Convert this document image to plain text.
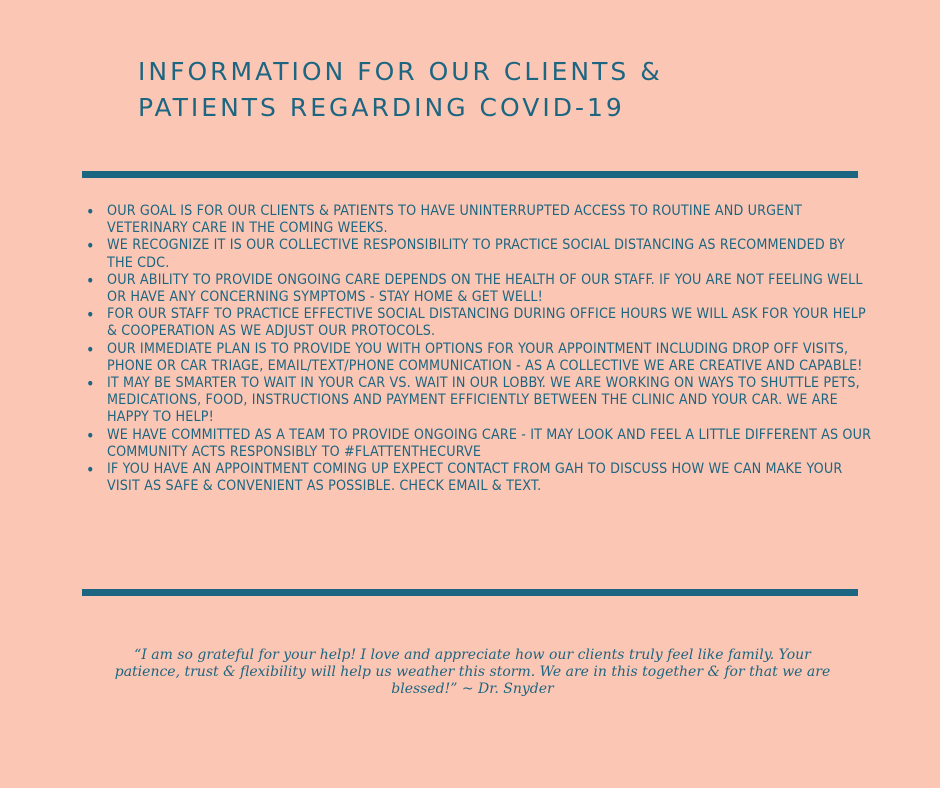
INFORMATION FOR OUR CLIENTS &
PATIENTS REGARDING COVID-19
• OUR GOAL IS FOR OUR CLIENTS & PATIENTS TO HAVE UNINTERRUPTED ACCESS TO ROUTINE AND URGENT VETERINARY CARE IN THE COMING WEEKS.
• WE RECOGNIZE IT IS OUR COLLECTIVE RESPONSIBILITY TO PRACTICE SOCIAL DISTANCING AS RECOMMENDED BY THE CDC.
• OUR ABILITY TO PROVIDE ONGOING CARE DEPENDS ON THE HEALTH OF OUR STAFF. IF YOU ARE NOT FEELING WELL OR HAVE ANY CONCERNING SYMPTOMS - STAY HOME & GET WELL!
• FOR OUR STAFF TO PRACTICE EFFECTIVE SOCIAL DISTANCING DURING OFFICE HOURS WE WILL ASK FOR YOUR HELP & COOPERATION AS WE ADJUST OUR PROTOCOLS.
• OUR IMMEDIATE PLAN IS TO PROVIDE YOU WITH OPTIONS FOR YOUR APPOINTMENT INCLUDING DROP OFF VISITS, PHONE OR CAR TRIAGE, EMAIL/TEXT/PHONE COMMUNICATION - AS A COLLECTIVE WE ARE CREATIVE AND CAPABLE!
• IT MAY BE SMARTER TO WAIT IN YOUR CAR VS. WAIT IN OUR LOBBY. WE ARE WORKING ON WAYS TO SHUTTLE PETS, MEDICATIONS, FOOD, INSTRUCTIONS AND PAYMENT EFFICIENTLY BETWEEN THE CLINIC AND YOUR CAR. WE ARE HAPPY TO HELP!
• WE HAVE COMMITTED AS A TEAM TO PROVIDE ONGOING CARE - IT MAY LOOK AND FEEL A LITTLE DIFFERENT AS OUR COMMUNITY ACTS RESPONSIBLY TO #FLATTENTHECURVE
• IF YOU HAVE AN APPOINTMENT COMING UP EXPECT CONTACT FROM GAH TO DISCUSS HOW WE CAN MAKE YOUR VISIT AS SAFE & CONVENIENT AS POSSIBLE. CHECK EMAIL & TEXT.
“I am so grateful for your help! I love and appreciate how our clients truly feel like family. Your patience, trust & flexibility will help us weather this storm. We are in this together & for that we are blessed!” ~ Dr. Snyder
